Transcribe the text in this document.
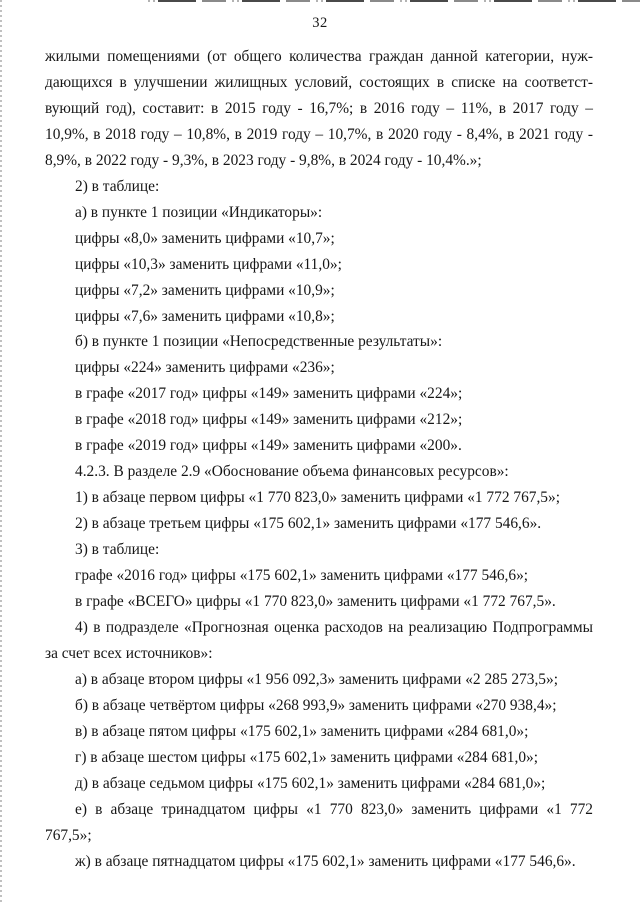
32
жилыми помещениями (от общего количества граждан данной категории, нуж-
дающихся в улучшении жилищных условий, состоящих в списке на соответст-
вующий год), составит: в 2015 году - 16,7%; в 2016 году – 11%, в 2017 году –
10,9%, в 2018 году – 10,8%, в 2019 году – 10,7%, в 2020 году - 8,4%, в 2021 году -
8,9%, в 2022 году - 9,3%, в 2023 году - 9,8%, в 2024 году - 10,4%.»;
2) в таблице:
а) в пункте 1 позиции «Индикаторы»:
цифры «8,0» заменить цифрами «10,7»;
цифры «10,3» заменить цифрами «11,0»;
цифры «7,2» заменить цифрами «10,9»;
цифры «7,6» заменить цифрами «10,8»;
б) в пункте 1 позиции «Непосредственные результаты»:
цифры «224» заменить цифрами «236»;
в графе «2017 год» цифры «149» заменить цифрами «224»;
в графе «2018 год» цифры «149» заменить цифрами «212»;
в графе «2019 год» цифры «149» заменить цифрами «200».
4.2.3. В разделе 2.9 «Обоснование объема финансовых ресурсов»:
1) в абзаце первом цифры «1 770 823,0» заменить цифрами «1 772 767,5»;
2) в абзаце третьем цифры «175 602,1» заменить цифрами «177 546,6».
3) в таблице:
графе «2016 год» цифры «175 602,1» заменить цифрами «177 546,6»;
в графе «ВСЕГО» цифры «1 770 823,0» заменить цифрами «1 772 767,5».
4) в подразделе «Прогнозная оценка расходов на реализацию Подпрограммы
за счет всех источников»:
а) в абзаце втором цифры «1 956 092,3» заменить цифрами «2 285 273,5»;
б) в абзаце четвёртом цифры «268 993,9» заменить цифрами «270 938,4»;
в) в абзаце пятом цифры «175 602,1» заменить цифрами «284 681,0»;
г) в абзаце шестом цифры «175 602,1» заменить цифрами «284 681,0»;
д) в абзаце седьмом цифры «175 602,1» заменить цифрами «284 681,0»;
е) в абзаце тринадцатом цифры «1 770 823,0» заменить цифрами «1 772
767,5»;
ж) в абзаце пятнадцатом цифры «175 602,1» заменить цифрами «177 546,6».
